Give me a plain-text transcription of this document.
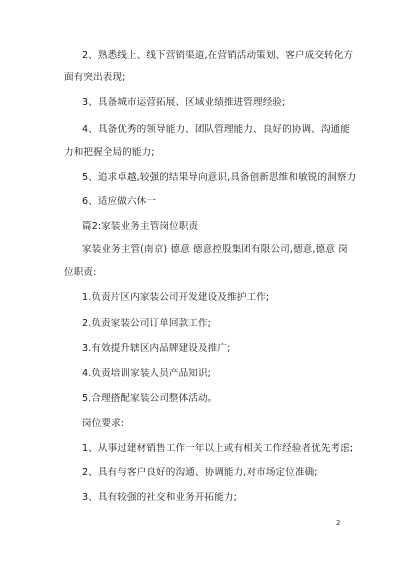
2、熟悉线上、线下营销渠道,在营销活动策划、客户成交转化方
面有突出表现;
3、具备城市运营拓展、区域业绩推进管理经验;
4、具备优秀的领导能力、团队管理能力、良好的协调、沟通能
力和把握全局的能力;
5、追求卓越,较强的结果导向意识,具备创新思维和敏锐的洞察力
6、适应做六休一
篇2:家装业务主管岗位职责
家装业务主管(南京) 德意 德意控股集团有限公司,德意,德意 岗
位职责:
1.负责片区内家装公司开发建设及维护工作;
2.负责家装公司订单回款工作;
3.有效提升辖区内品牌建设及推广;
4.负责培训家装人员产品知识;
5.合理搭配家装公司整体活动。
岗位要求:
1、从事过建材销售工作一年以上或有相关工作经验者优先考虑;
2、具有与客户良好的沟通、协调能力,对市场定位准确;
3、具有较强的社交和业务开拓能力;
2
